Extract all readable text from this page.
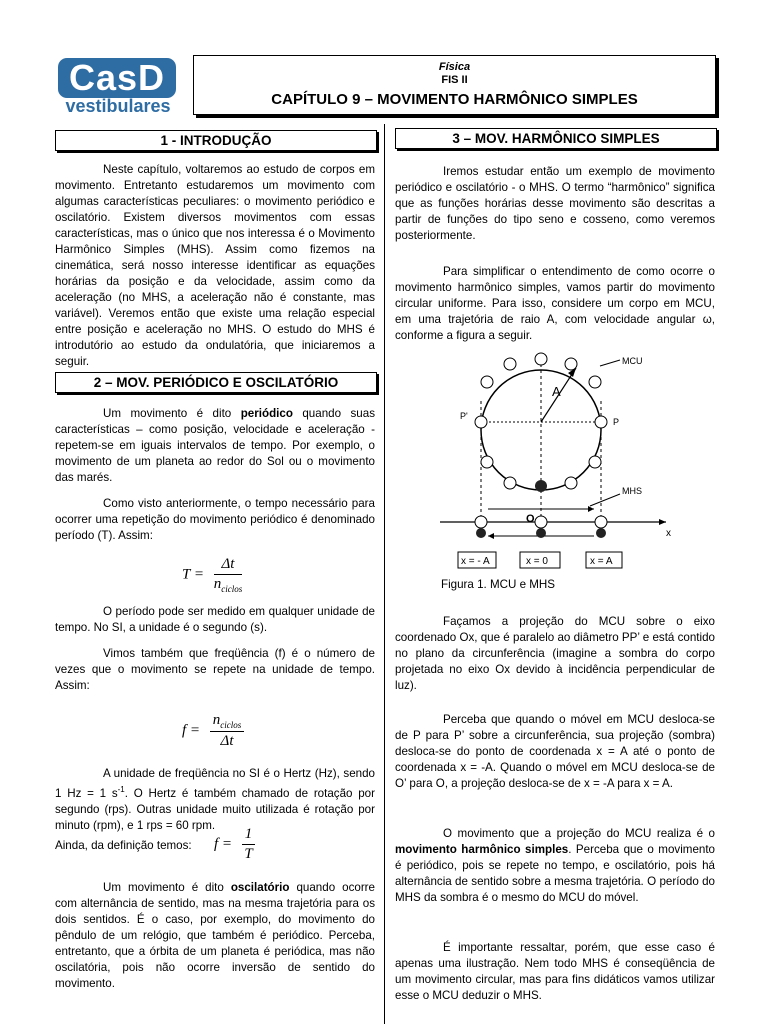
CasD
vestibulares
Física
FIS II
CAPÍTULO 9 – MOVIMENTO HARMÔNICO SIMPLES
1 - INTRODUÇÃO

Neste capítulo, voltaremos ao estudo de corpos em movimento. Entretanto estudaremos um movimento com algumas características peculiares: o movimento periódico e oscilatório. Existem diversos movimentos com essas características, mas o único que nos interessa é o Movimento Harmônico Simples (MHS). Assim como fizemos na cinemática, será nosso interesse identificar as equações horárias da posição e da velocidade, assim como da aceleração (no MHS, a aceleração não é constante, mas variável). Veremos então que existe uma relação especial entre posição e aceleração no MHS. O estudo do MHS é introdutório ao estudo da ondulatória, que iniciaremos a seguir.

2 – MOV. PERIÓDICO E OSCILATÓRIO

Um movimento é dito periódico quando suas características – como posição, velocidade e aceleração - repetem-se em iguais intervalos de tempo. Por exemplo, o movimento de um planeta ao redor do Sol ou o movimento das marés.

Como visto anteriormente, o tempo necessário para ocorrer uma repetição do movimento periódico é denominado período (T). Assim:

$T = \frac{\Delta t}{n_{ciclos}}$

O período pode ser medido em qualquer unidade de tempo. No SI, a unidade é o segundo (s).

Vimos também que freqüência (f) é o número de vezes que o movimento se repete na unidade de tempo. Assim:

$f = \frac{n_{ciclos}}{\Delta t}$

A unidade de freqüência no SI é o Hertz (Hz), sendo 1 Hz = 1 $s^{-1}$. O Hertz é também chamado de rotação por segundo (rps). Outras unidade muito utilizada é rotação por minuto (rpm), e 1 rps = 60 rpm.

Ainda, da definição temos:	$f = \frac{1}{T}$

Um movimento é dito oscilatório quando ocorre com alternância de sentido, mas na mesma trajetória para os dois sentidos. É o caso, por exemplo, do movimento do pêndulo de um relógio, que também é periódico. Perceba, entretanto, que a órbita de um planeta é periódica, mas não oscilatória, pois não ocorre inversão de sentido do movimento.

3 – MOV. HARMÔNICO SIMPLES

Iremos estudar então um exemplo de movimento periódico e oscilatório - o MHS. O termo “harmônico” significa que as funções horárias desse movimento são descritas a partir de funções do tipo seno e cosseno, como veremos posteriormente.

Para simplificar o entendimento de como ocorre o movimento harmônico simples, vamos partir do movimento circular uniforme. Para isso, considere um corpo em MCU, em uma trajetória de raio A, com velocidade angular ω, conforme a figura a seguir.

A
P'
P
MCU
MHS
x
O
x = - A	x = 0	x = A
Figura 1. MCU e MHS

Façamos a projeção do MCU sobre o eixo coordenado Ox, que é paralelo ao diâmetro PP’ e está contido no plano da circunferência (imagine a sombra do corpo projetada no eixo Ox devido à incidência perpendicular de luz).

Perceba que quando o móvel em MCU desloca-se de P para P’ sobre a circunferência, sua projeção (sombra) desloca-se do ponto de coordenada x = A até o ponto de coordenada x = -A. Quando o móvel em MCU desloca-se de O’ para O, a projeção desloca-se de x = -A para x = A.

O movimento que a projeção do MCU realiza é o movimento harmônico simples. Perceba que o movimento é periódico, pois se repete no tempo, e oscilatório, pois há alternância de sentido sobre a mesma trajetória. O período do MHS da sombra é o mesmo do MCU do móvel.

É importante ressaltar, porém, que esse caso é apenas uma ilustração. Nem todo MHS é conseqüência de um movimento circular, mas para fins didáticos vamos utilizar esse o MCU deduzir o MHS.
